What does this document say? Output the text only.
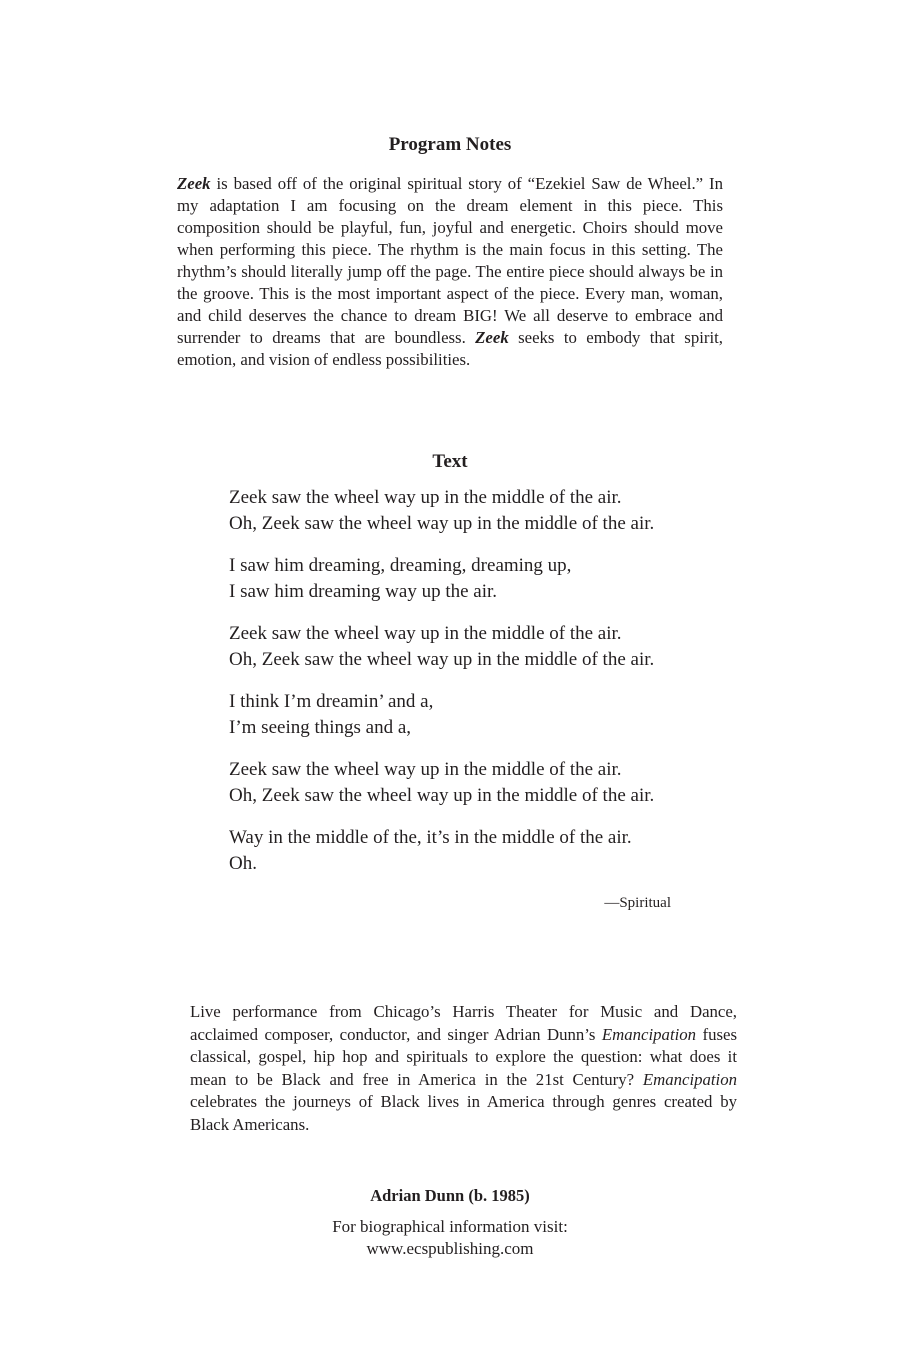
Program Notes

Zeek is based off of the original spiritual story of “Ezekiel Saw de Wheel.” In my adaptation I am focusing on the dream element in this piece. This composition should be playful, fun, joyful and energetic. Choirs should move when performing this piece. The rhythm is the main focus in this setting. The rhythm’s should literally jump off the page. The entire piece should always be in the groove. This is the most important aspect of the piece. Every man, woman, and child deserves the chance to dream BIG! We all deserve to embrace and surrender to dreams that are boundless. Zeek seeks to embody that spirit, emotion, and vision of endless possibilities.

Text
Zeek saw the wheel way up in the middle of the air.
Oh, Zeek saw the wheel way up in the middle of the air.
I saw him dreaming, dreaming, dreaming up,
I saw him dreaming way up the air.
Zeek saw the wheel way up in the middle of the air.
Oh, Zeek saw the wheel way up in the middle of the air.
I think I’m dreamin’ and a,
I’m seeing things and a,
Zeek saw the wheel way up in the middle of the air.
Oh, Zeek saw the wheel way up in the middle of the air.
Way in the middle of the, it’s in the middle of the air.
Oh.
—Spiritual

Live performance from Chicago’s Harris Theater for Music and Dance, acclaimed composer, conductor, and singer Adrian Dunn’s Emancipation fuses classical, gospel, hip hop and spirituals to explore the question: what does it mean to be Black and free in America in the 21st Century? Emancipation celebrates the journeys of Black lives in America through genres created by Black Americans.

Adrian Dunn (b. 1985)
For biographical information visit:
www.ecspublishing.com
